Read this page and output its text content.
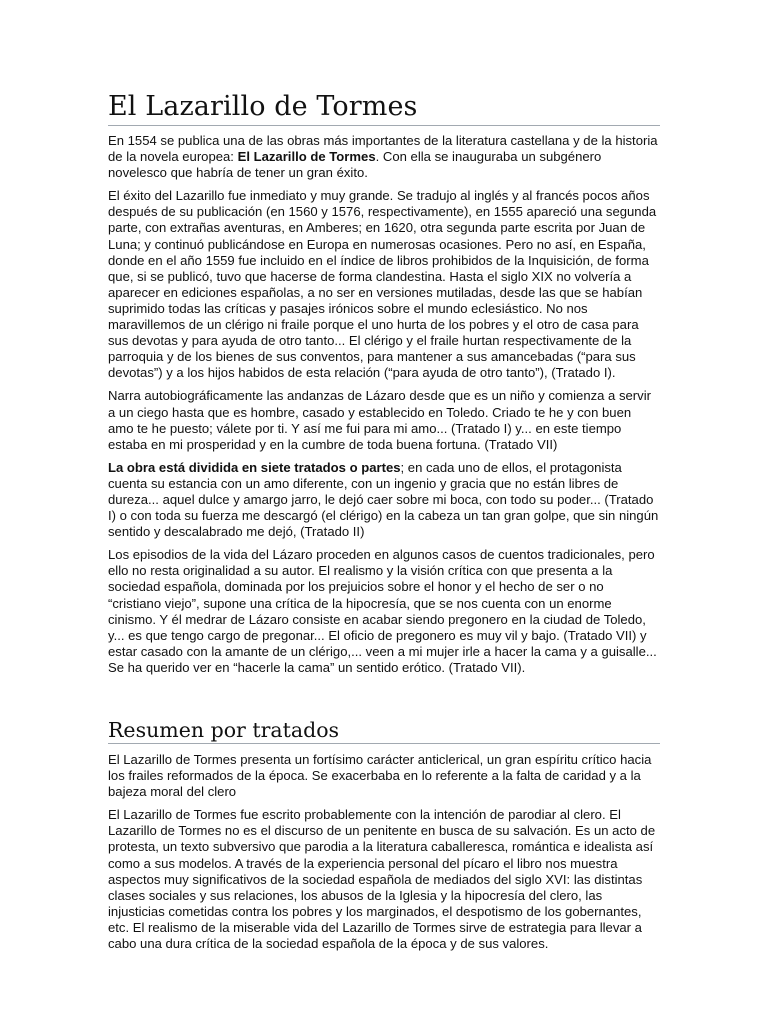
El Lazarillo de Tormes

En 1554 se publica una de las obras más importantes de la literatura castellana y de la historia de la novela europea: El Lazarillo de Tormes. Con ella se inauguraba un subgénero novelesco que habría de tener un gran éxito.

El éxito del Lazarillo fue inmediato y muy grande. Se tradujo al inglés y al francés pocos años después de su publicación (en 1560 y 1576, respectivamente), en 1555 apareció una segunda parte, con extrañas aventuras, en Amberes; en 1620, otra segunda parte escrita por Juan de Luna; y continuó publicándose en Europa en numerosas ocasiones. Pero no así, en España, donde en el año 1559 fue incluido en el índice de libros prohibidos de la Inquisición, de forma que, si se publicó, tuvo que hacerse de forma clandestina. Hasta el siglo XIX no volvería a aparecer en ediciones españolas, a no ser en versiones mutiladas, desde las que se habían suprimido todas las críticas y pasajes irónicos sobre el mundo eclesiástico. No nos maravillemos de un clérigo ni fraile porque el uno hurta de los pobres y el otro de casa para sus devotas y para ayuda de otro tanto... El clérigo y el fraile hurtan respectivamente de la parroquia y de los bienes de sus conventos, para mantener a sus amancebadas (“para sus devotas”) y a los hijos habidos de esta relación (“para ayuda de otro tanto”), (Tratado I).

Narra autobiográficamente las andanzas de Lázaro desde que es un niño y comienza a servir a un ciego hasta que es hombre, casado y establecido en Toledo. Criado te he y con buen amo te he puesto; válete por ti. Y así me fui para mi amo... (Tratado I) y... en este tiempo estaba en mi prosperidad y en la cumbre de toda buena fortuna. (Tratado VII)

La obra está dividida en siete tratados o partes; en cada uno de ellos, el protagonista cuenta su estancia con un amo diferente, con un ingenio y gracia que no están libres de dureza... aquel dulce y amargo jarro, le dejó caer sobre mi boca, con todo su poder... (Tratado I) o con toda su fuerza me descargó (el clérigo) en la cabeza un tan gran golpe, que sin ningún sentido y descalabrado me dejó, (Tratado II)

Los episodios de la vida del Lázaro proceden en algunos casos de cuentos tradicionales, pero ello no resta originalidad a su autor. El realismo y la visión crítica con que presenta a la sociedad española, dominada por los prejuicios sobre el honor y el hecho de ser o no “cristiano viejo”, supone una crítica de la hipocresía, que se nos cuenta con un enorme cinismo. Y él medrar de Lázaro consiste en acabar siendo pregonero en la ciudad de Toledo, y... es que tengo cargo de pregonar... El oficio de pregonero es muy vil y bajo. (Tratado VII) y estar casado con la amante de un clérigo,... veen a mi mujer irle a hacer la cama y a guisalle... Se ha querido ver en “hacerle la cama” un sentido erótico. (Tratado VII).

Resumen por tratados

El Lazarillo de Tormes presenta un fortísimo carácter anticlerical, un gran espíritu crítico hacia los frailes reformados de la época. Se exacerbaba en lo referente a la falta de caridad y a la bajeza moral del clero

El Lazarillo de Tormes fue escrito probablemente con la intención de parodiar al clero. El Lazarillo de Tormes no es el discurso de un penitente en busca de su salvación. Es un acto de protesta, un texto subversivo que parodia a la literatura caballeresca, romántica e idealista así como a sus modelos. A través de la experiencia personal del pícaro el libro nos muestra aspectos muy significativos de la sociedad española de mediados del siglo XVI: las distintas clases sociales y sus relaciones, los abusos de la Iglesia y la hipocresía del clero, las injusticias cometidas contra los pobres y los marginados, el despotismo de los gobernantes, etc. El realismo de la miserable vida del Lazarillo de Tormes sirve de estrategia para llevar a cabo una dura crítica de la sociedad española de la época y de sus valores.
